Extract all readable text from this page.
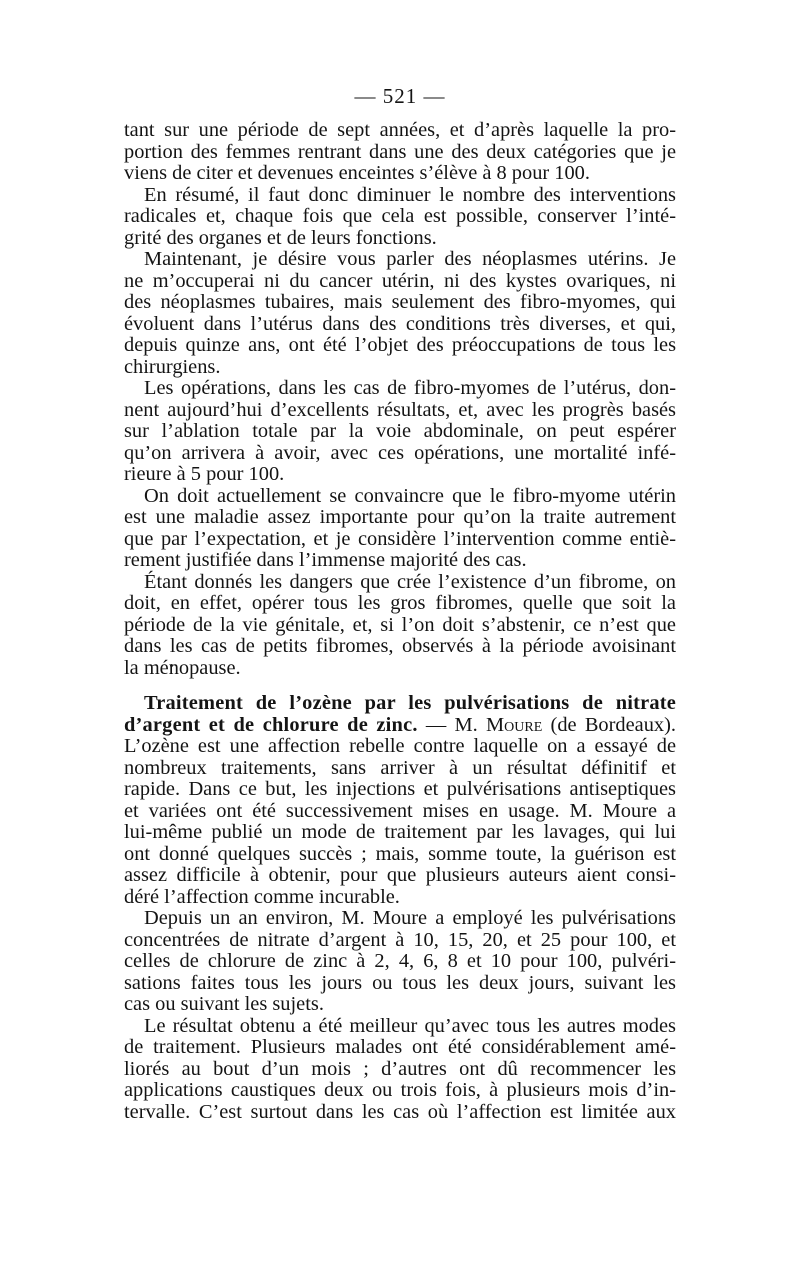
— 521 —

tant sur une période de sept années, et d’après laquelle la pro-
portion des femmes rentrant dans une des deux catégories que je
viens de citer et devenues enceintes s’élève à 8 pour 100.

En résumé, il faut donc diminuer le nombre des interventions
radicales et, chaque fois que cela est possible, conserver l’inté-
grité des organes et de leurs fonctions.

Maintenant, je désire vous parler des néoplasmes utérins. Je
ne m’occuperai ni du cancer utérin, ni des kystes ovariques, ni
des néoplasmes tubaires, mais seulement des fibro-myomes, qui
évoluent dans l’utérus dans des conditions très diverses, et qui,
depuis quinze ans, ont été l’objet des préoccupations de tous les
chirurgiens.

Les opérations, dans les cas de fibro-myomes de l’utérus, don-
nent aujourd’hui d’excellents résultats, et, avec les progrès basés
sur l’ablation totale par la voie abdominale, on peut espérer
qu’on arrivera à avoir, avec ces opérations, une mortalité infé-
rieure à 5 pour 100.

On doit actuellement se convaincre que le fibro-myome utérin
est une maladie assez importante pour qu’on la traite autrement
que par l’expectation, et je considère l’intervention comme entiè-
rement justifiée dans l’immense majorité des cas.

Étant donnés les dangers que crée l’existence d’un fibrome, on
doit, en effet, opérer tous les gros fibromes, quelle que soit la
période de la vie génitale, et, si l’on doit s’abstenir, ce n’est que
dans les cas de petits fibromes, observés à la période avoisinant
la ménopause.

Traitement de l’ozène par les pulvérisations de nitrate
d’argent et de chlorure de zinc. — M. Moure (de Bordeaux).

L’ozène est une affection rebelle contre laquelle on a essayé de
nombreux traitements, sans arriver à un résultat définitif et
rapide. Dans ce but, les injections et pulvérisations antiseptiques
et variées ont été successivement mises en usage. M. Moure a
lui-même publié un mode de traitement par les lavages, qui lui
ont donné quelques succès ; mais, somme toute, la guérison est
assez difficile à obtenir, pour que plusieurs auteurs aient consi-
déré l’affection comme incurable.

Depuis un an environ, M. Moure a employé les pulvérisations
concentrées de nitrate d’argent à 10, 15, 20, et 25 pour 100, et
celles de chlorure de zinc à 2, 4, 6, 8 et 10 pour 100, pulvéri-
sations faites tous les jours ou tous les deux jours, suivant les
cas ou suivant les sujets.

Le résultat obtenu a été meilleur qu’avec tous les autres modes
de traitement. Plusieurs malades ont été considérablement amé-
liorés au bout d’un mois ; d’autres ont dû recommencer les
applications caustiques deux ou trois fois, à plusieurs mois d’in-
tervalle. C’est surtout dans les cas où l’affection est limitée aux
